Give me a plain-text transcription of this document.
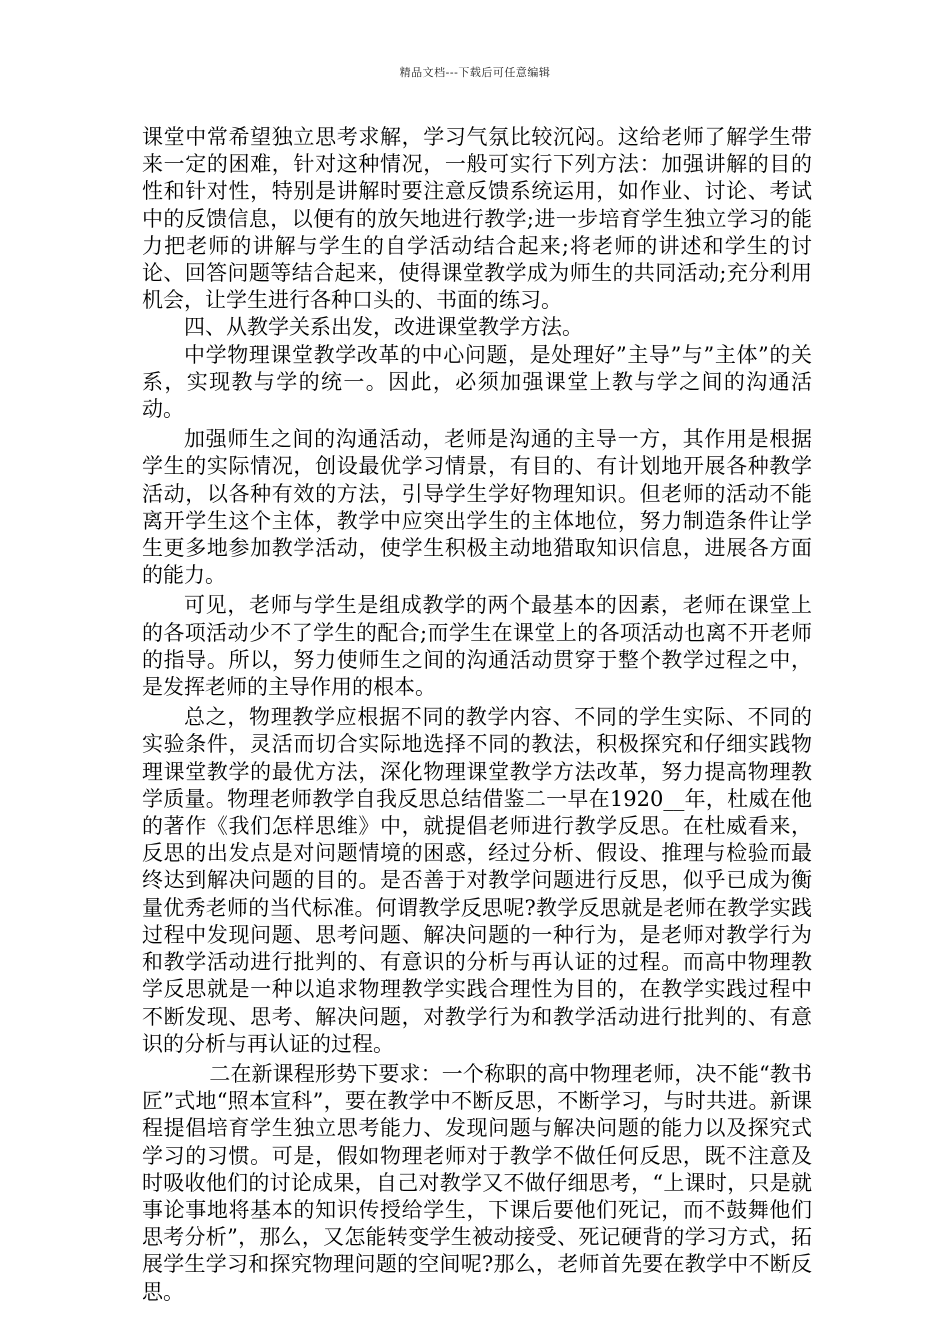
精品文档---下载后可任意编辑

课堂中常希望独立思考求解，学习气氛比较沉闷。这给老师了解学生带来一定的困难，针对这种情况，一般可实行下列方法：加强讲解的目的性和针对性，特别是讲解时要注意反馈系统运用，如作业、讨论、考试中的反馈信息，以便有的放矢地进行教学;进一步培育学生独立学习的能力把老师的讲解与学生的自学活动结合起来;将老师的讲述和学生的讨论、回答问题等结合起来，使得课堂教学成为师生的共同活动;充分利用机会，让学生进行各种口头的、书面的练习。

四、从教学关系出发，改进课堂教学方法。

中学物理课堂教学改革的中心问题，是处理好”主导”与”主体”的关系，实现教与学的统一。因此，必须加强课堂上教与学之间的沟通活动。

加强师生之间的沟通活动，老师是沟通的主导一方，其作用是根据学生的实际情况，创设最优学习情景，有目的、有计划地开展各种教学活动，以各种有效的方法，引导学生学好物理知识。但老师的活动不能离开学生这个主体，教学中应突出学生的主体地位，努力制造条件让学生更多地参加教学活动，使学生积极主动地猎取知识信息，进展各方面的能力。

可见，老师与学生是组成教学的两个最基本的因素，老师在课堂上的各项活动少不了学生的配合;而学生在课堂上的各项活动也离不开老师的指导。所以，努力使师生之间的沟通活动贯穿于整个教学过程之中，是发挥老师的主导作用的根本。

总之，物理教学应根据不同的教学内容、不同的学生实际、不同的实验条件，灵活而切合实际地选择不同的教法，积极探究和仔细实践物理课堂教学的最优方法，深化物理课堂教学方法改革，努力提高物理教学质量。物理老师教学自我反思总结借鉴二一早在1920__年，杜威在他的著作《我们怎样思维》中，就提倡老师进行教学反思。在杜威看来，反思的出发点是对问题情境的困惑，经过分析、假设、推理与检验而最终达到解决问题的目的。是否善于对教学问题进行反思，似乎已成为衡量优秀老师的当代标准。何谓教学反思呢?教学反思就是老师在教学实践过程中发现问题、思考问题、解决问题的一种行为，是老师对教学行为和教学活动进行批判的、有意识的分析与再认证的过程。而高中物理教学反思就是一种以追求物理教学实践合理性为目的，在教学实践过程中不断发现、思考、解决问题，对教学行为和教学活动进行批判的、有意识的分析与再认证的过程。

二在新课程形势下要求：一个称职的高中物理老师，决不能“教书匠”式地“照本宣科”，要在教学中不断反思，不断学习，与时共进。新课程提倡培育学生独立思考能力、发现问题与解决问题的能力以及探究式学习的习惯。可是，假如物理老师对于教学不做任何反思，既不注意及时吸收他们的讨论成果，自己对教学又不做仔细思考，“上课时，只是就事论事地将基本的知识传授给学生，下课后要他们死记，而不鼓舞他们思考分析”，那么，又怎能转变学生被动接受、死记硬背的学习方式，拓展学生学习和探究物理问题的空间呢?那么，老师首先要在教学中不断反思。
